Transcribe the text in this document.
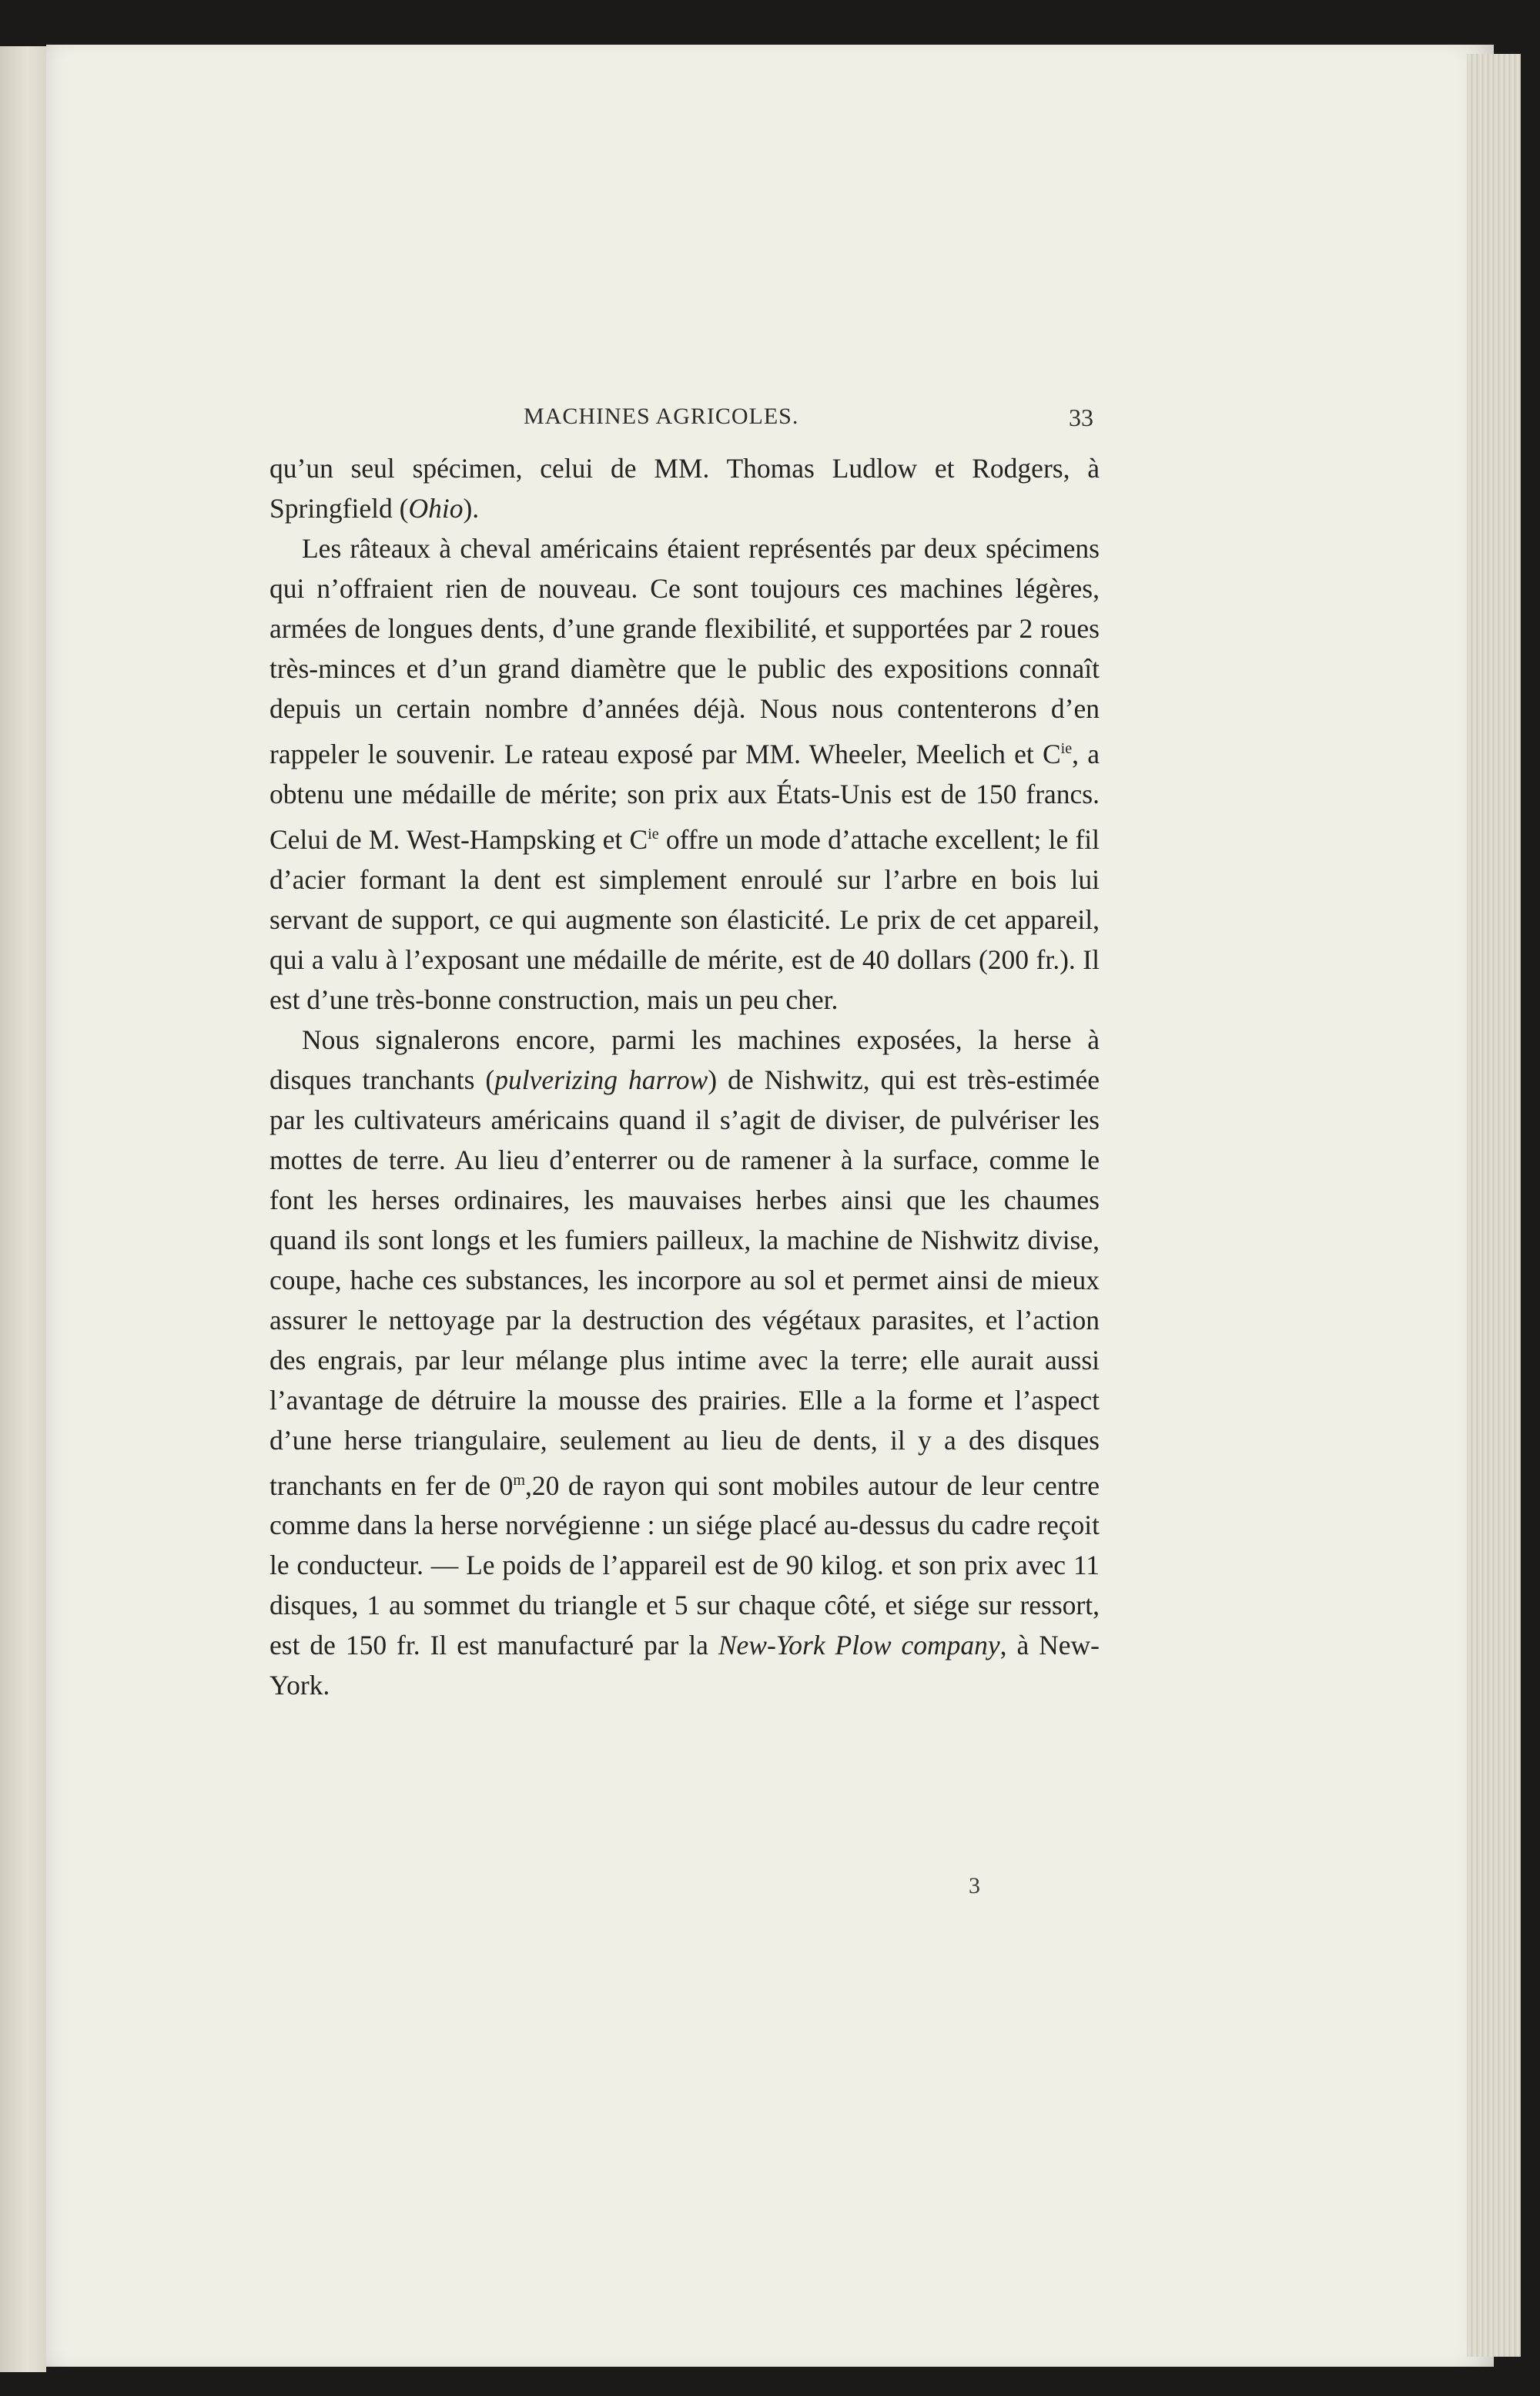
MACHINES AGRICOLES.	33

qu’un seul spécimen, celui de MM. Thomas Ludlow et Rodgers, à Springfield (Ohio).

Les râteaux à cheval américains étaient représentés par deux spécimens qui n’offraient rien de nouveau. Ce sont toujours ces machines légères, armées de longues dents, d’une grande flexibilité, et supportées par 2 roues très-minces et d’un grand diamètre que le public des expositions connaît depuis un certain nombre d’années déjà. Nous nous contenterons d’en rappeler le souvenir. Le rateau exposé par MM. Wheeler, Meelich et $C^{ie}$, a obtenu une médaille de mérite; son prix aux États-Unis est de 150 francs. Celui de M. West-Hampsking et $C^{ie}$ offre un mode d’attache excellent; le fil d’acier formant la dent est simplement enroulé sur l’arbre en bois lui servant de support, ce qui augmente son élasticité. Le prix de cet appareil, qui a valu à l’exposant une médaille de mérite, est de 40 dollars (200 fr.). Il est d’une très-bonne construction, mais un peu cher.

Nous signalerons encore, parmi les machines exposées, la herse à disques tranchants (pulverizing harrow) de Nishwitz, qui est très-estimée par les cultivateurs américains quand il s’agit de diviser, de pulvériser les mottes de terre. Au lieu d’enterrer ou de ramener à la surface, comme le font les herses ordinaires, les mauvaises herbes ainsi que les chaumes quand ils sont longs et les fumiers pailleux, la machine de Nishwitz divise, coupe, hache ces substances, les incorpore au sol et permet ainsi de mieux assurer le nettoyage par la destruction des végétaux parasites, et l’action des engrais, par leur mélange plus intime avec la terre; elle aurait aussi l’avantage de détruire la mousse des prairies. Elle a la forme et l’aspect d’une herse triangulaire, seulement au lieu de dents, il y a des disques tranchants en fer de 0$^m$,20 de rayon qui sont mobiles autour de leur centre comme dans la herse norvégienne : un siége placé au-dessus du cadre reçoit le conducteur. — Le poids de l’appareil est de 90 kilog. et son prix avec 11 disques, 1 au sommet du triangle et 5 sur chaque côté, et siége sur ressort, est de 150 fr. Il est manufacturé par la New-York Plow company, à New-York.

3
